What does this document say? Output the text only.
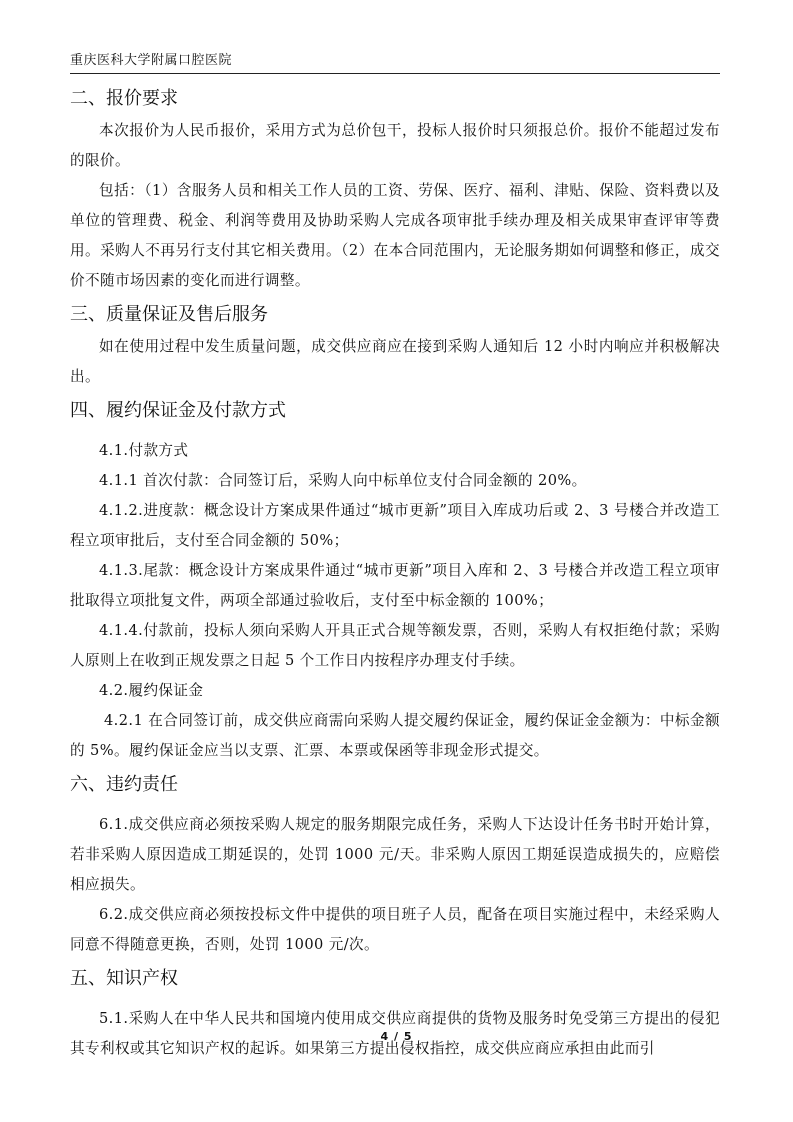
重庆医科大学附属口腔医院
二、报价要求

本次报价为人民币报价，采用方式为总价包干，投标人报价时只须报总价。报价不能超过发布的限价。

包括：（1）含服务人员和相关工作人员的工资、劳保、医疗、福利、津贴、保险、资料费以及单位的管理费、税金、利润等费用及协助采购人完成各项审批手续办理及相关成果审查评审等费用。采购人不再另行支付其它相关费用。（2）在本合同范围内，无论服务期如何调整和修正，成交价不随市场因素的变化而进行调整。

三、质量保证及售后服务

如在使用过程中发生质量问题，成交供应商应在接到采购人通知后 12 小时内响应并积极解决出。

四、履约保证金及付款方式

4.1.付款方式

4.1.1 首次付款：合同签订后，采购人向中标单位支付合同金额的 20%。

4.1.2.进度款：概念设计方案成果件通过“城市更新”项目入库成功后或 2、3 号楼合并改造工程立项审批后，支付至合同金额的 50%；

4.1.3.尾款：概念设计方案成果件通过“城市更新”项目入库和 2、3 号楼合并改造工程立项审批取得立项批复文件，两项全部通过验收后，支付至中标金额的 100%；

4.1.4.付款前，投标人须向采购人开具正式合规等额发票，否则，采购人有权拒绝付款；采购人原则上在收到正规发票之日起 5 个工作日内按程序办理支付手续。

4.2.履约保证金

4.2.1 在合同签订前，成交供应商需向采购人提交履约保证金，履约保证金金额为：中标金额的 5%。履约保证金应当以支票、汇票、本票或保函等非现金形式提交。

六、违约责任

6.1.成交供应商必须按采购人规定的服务期限完成任务，采购人下达设计任务书时开始计算，若非采购人原因造成工期延误的，处罚 1000 元/天。非采购人原因工期延误造成损失的，应赔偿相应损失。

6.2.成交供应商必须按投标文件中提供的项目班子人员，配备在项目实施过程中，未经采购人同意不得随意更换，否则，处罚 1000 元/次。

五、知识产权

5.1.采购人在中华人民共和国境内使用成交供应商提供的货物及服务时免受第三方提出的侵犯其专利权或其它知识产权的起诉。如果第三方提出侵权指控，成交供应商应承担由此而引

4 / 5
